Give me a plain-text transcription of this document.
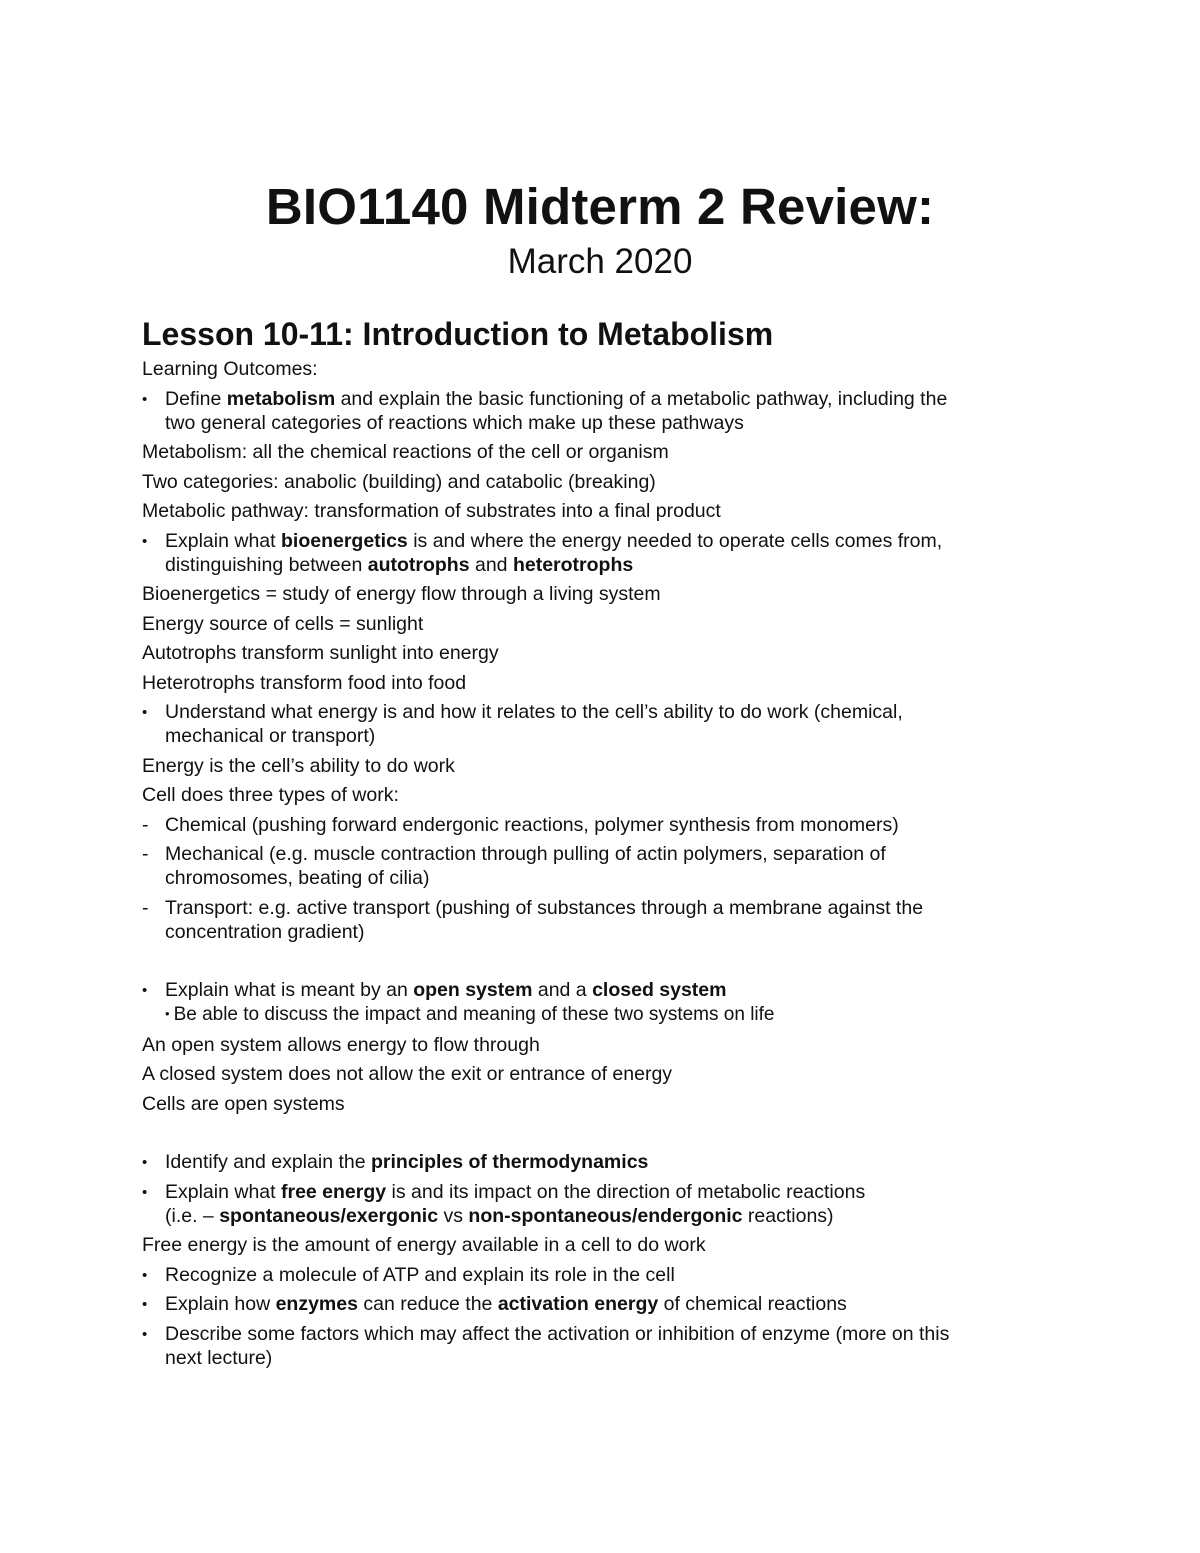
BIO1140 Midterm 2 Review:
March 2020
Lesson 10-11: Introduction to Metabolism
Learning Outcomes:
• Define metabolism and explain the basic functioning of a metabolic pathway, including the
two general categories of reactions which make up these pathways
Metabolism: all the chemical reactions of the cell or organism
Two categories: anabolic (building) and catabolic (breaking)
Metabolic pathway: transformation of substrates into a final product
• Explain what bioenergetics is and where the energy needed to operate cells comes from,
distinguishing between autotrophs and heterotrophs
Bioenergetics = study of energy flow through a living system
Energy source of cells = sunlight
Autotrophs transform sunlight into energy
Heterotrophs transform food into food
• Understand what energy is and how it relates to the cell’s ability to do work (chemical,
mechanical or transport)
Energy is the cell’s ability to do work
Cell does three types of work:
- Chemical (pushing forward endergonic reactions, polymer synthesis from monomers)
- Mechanical (e.g. muscle contraction through pulling of actin polymers, separation of
chromosomes, beating of cilia)
- Transport: e.g. active transport (pushing of substances through a membrane against the
concentration gradient)
• Explain what is meant by an open system and a closed system
• Be able to discuss the impact and meaning of these two systems on life
An open system allows energy to flow through
A closed system does not allow the exit or entrance of energy
Cells are open systems
• Identify and explain the principles of thermodynamics
• Explain what free energy is and its impact on the direction of metabolic reactions
(i.e. – spontaneous/exergonic vs non-spontaneous/endergonic reactions)
Free energy is the amount of energy available in a cell to do work
• Recognize a molecule of ATP and explain its role in the cell
• Explain how enzymes can reduce the activation energy of chemical reactions
• Describe some factors which may affect the activation or inhibition of enzyme (more on this
next lecture)
